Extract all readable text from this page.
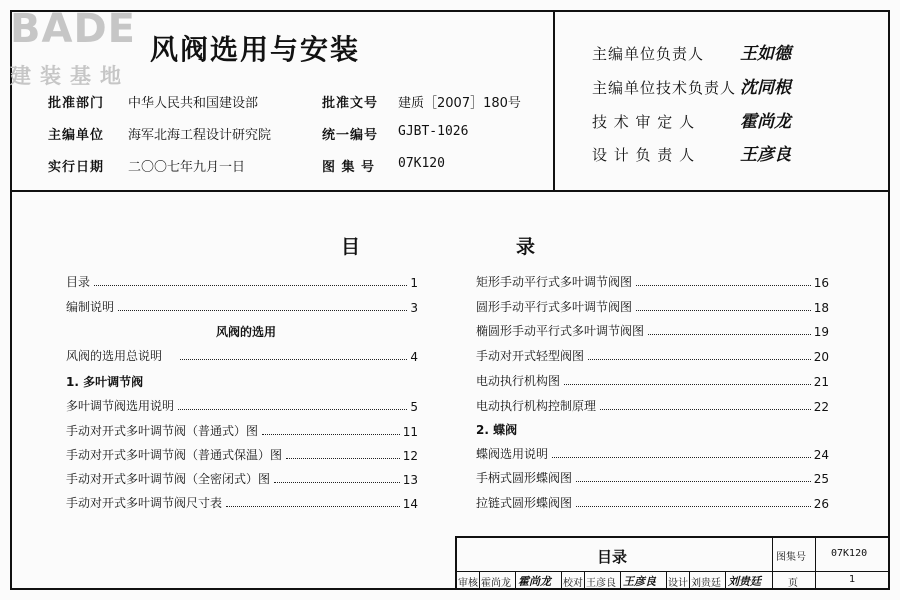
BADE
建装基地
风阀选用与安装
批准部门 中华人民共和国建设部	批准文号 建质［2007］180号
主编单位 海军北海工程设计研究院	统一编号 GJBT-1026
实行日期 二〇〇七年九月一日	图 集 号 07K120
主编单位负责人 王如德
主编单位技术负责人 沈同根
技 术 审 定 人	霍尚龙
设 计 负 责 人	王彦良
目	录
目录	1
编制说明	3
风阀的选用
风阀的选用总说明	4
1. 多叶调节阀
多叶调节阀选用说明	5
手动对开式多叶调节阀（普通式）图	11
手动对开式多叶调节阀（普通式保温）图	12
手动对开式多叶调节阀（全密闭式）图	13
手动对开式多叶调节阀尺寸表	14
矩形手动平行式多叶调节阀图	16
圆形手动平行式多叶调节阀图	18
椭圆形手动平行式多叶调节阀图	19
手动对开式轻型阀图	20
电动执行机构图	21
电动执行机构控制原理	22
2. 蝶阀
蝶阀选用说明	24
手柄式圆形蝶阀图	25
拉链式圆形蝶阀图	26
目录	图集号	07K120
审核 霍尚龙 霍尚龙 校对 王彦良 王彦良 设计 刘贵廷 刘贵廷	页	1
